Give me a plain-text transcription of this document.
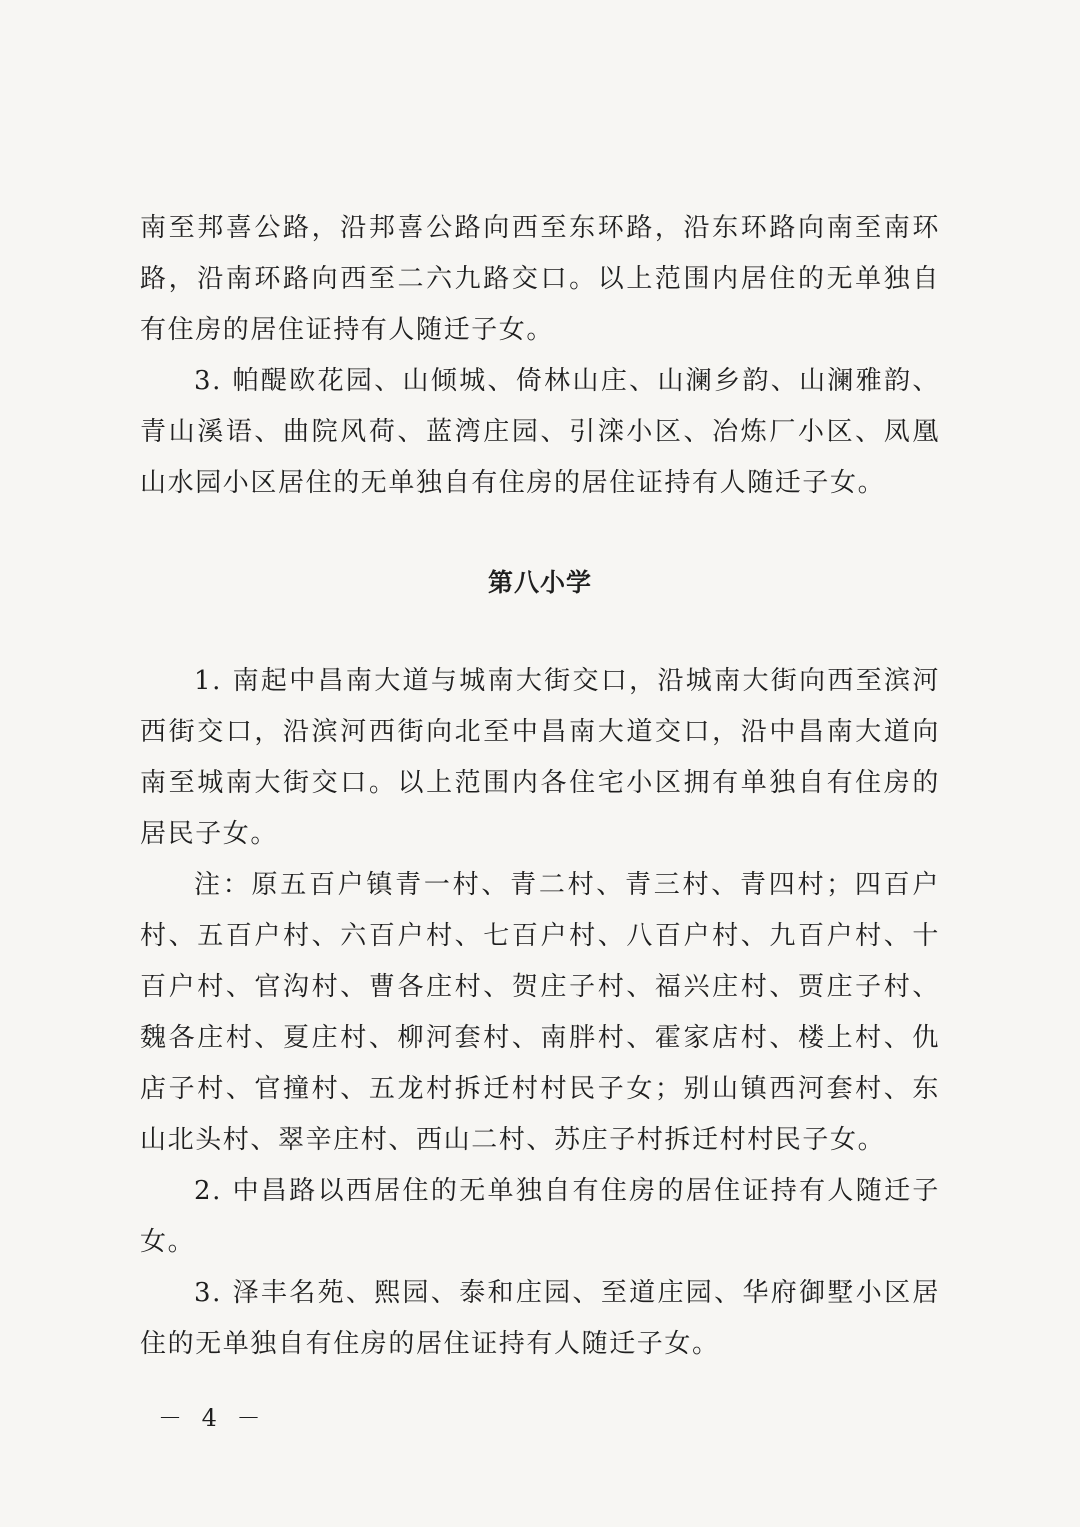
南至邦喜公路，沿邦喜公路向西至东环路，沿东环路向南至南环路，沿南环路向西至二六九路交口。以上范围内居住的无单独自有住房的居住证持有人随迁子女。

3. 帕醍欧花园、山倾城、倚林山庄、山澜乡韵、山澜雅韵、青山溪语、曲院风荷、蓝湾庄园、引滦小区、冶炼厂小区、凤凰山水园小区居住的无单独自有住房的居住证持有人随迁子女。

第八小学

1. 南起中昌南大道与城南大街交口，沿城南大街向西至滨河西街交口，沿滨河西街向北至中昌南大道交口，沿中昌南大道向南至城南大街交口。以上范围内各住宅小区拥有单独自有住房的居民子女。

注：原五百户镇青一村、青二村、青三村、青四村；四百户村、五百户村、六百户村、七百户村、八百户村、九百户村、十百户村、官沟村、曹各庄村、贺庄子村、福兴庄村、贾庄子村、魏各庄村、夏庄村、柳河套村、南胖村、霍家店村、楼上村、仇店子村、官撞村、五龙村拆迁村村民子女；别山镇西河套村、东山北头村、翠辛庄村、西山二村、苏庄子村拆迁村村民子女。

2. 中昌路以西居住的无单独自有住房的居住证持有人随迁子女。

3. 泽丰名苑、熙园、泰和庄园、至道庄园、华府御墅小区居住的无单独自有住房的居住证持有人随迁子女。

－ 4 －
